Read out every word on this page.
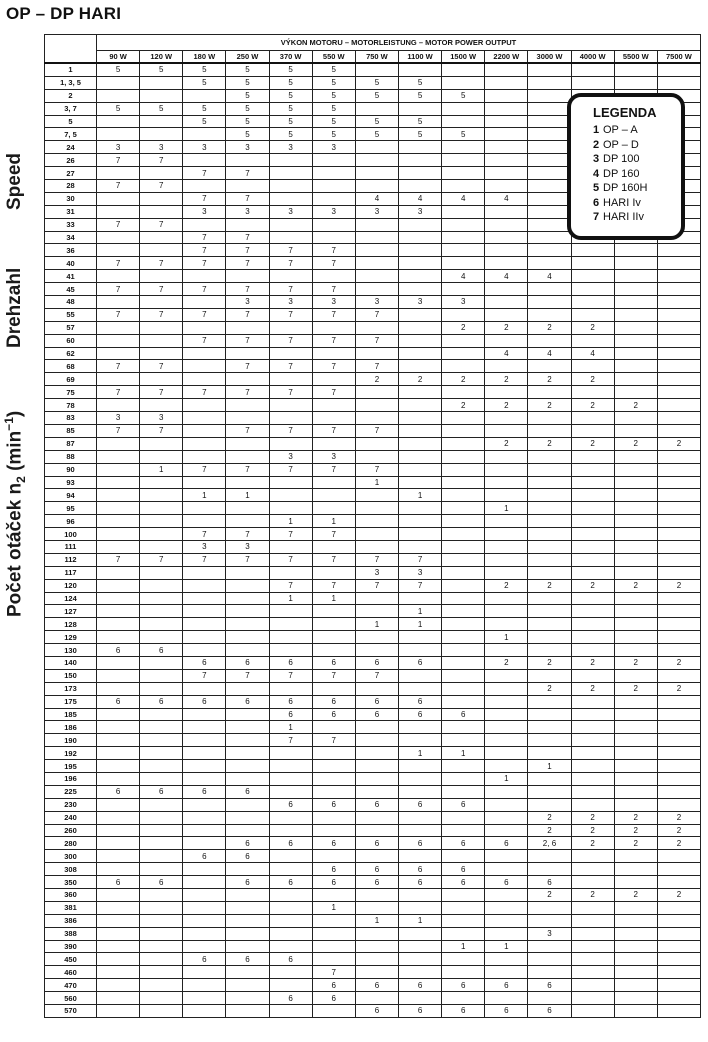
OP – DP HARI
Speed
Drehzahl
Počet otáček $n_2$ $(\min^{-1})$
	VÝKON MOTORU – MOTORLEISTUNG – MOTOR POWER OUTPUT													
	90 W	120 W	180 W	250 W	370 W	550 W	750 W	1100 W	1500 W	2200 W	3000 W	4000 W	5500 W	7500 W
1	5	5	5	5	5	5								
1, 3, 5			5	5	5	5	5	5						
2				5	5	5	5	5	5					
3, 7	5	5	5	5	5	5								
5			5	5	5	5	5	5						
7, 5				5	5	5	5	5	5					
24	3	3	3	3	3	3								
26	7	7												
27			7	7										
28	7	7												
30			7	7			4	4	4	4				
31			3	3	3	3	3	3						
33	7	7												
34			7	7										
36			7	7	7	7								
40	7	7	7	7	7	7								
41									4	4	4			
45	7	7	7	7	7	7								
48				3	3	3	3	3	3					
55	7	7	7	7	7	7	7							
57									2	2	2	2		
60			7	7	7	7	7							
62										4	4	4		
68	7	7		7	7	7	7							
69							2	2	2	2	2	2		
75	7	7	7	7	7	7								
78									2	2	2	2	2	
83	3	3												
85	7	7		7	7	7	7							
87										2	2	2	2	2
88					3	3								
90		1	7	7	7	7	7							
93							1							
94			1	1				1						
95										1				
96					1	1								
100			7	7	7	7								
111			3	3										
112	7	7	7	7	7	7	7	7						
117							3	3						
120					7	7	7	7		2	2	2	2	2
124					1	1								
127								1						
128							1	1						
129										1				
130	6	6												
140			6	6	6	6	6	6		2	2	2	2	2
150			7	7	7	7	7							
173											2	2	2	2
175	6	6	6	6	6	6	6	6						
185					6	6	6	6	6					
186					1									
190					7	7								
192								1	1					
195											1			
196										1				
225	6	6	6	6										
230					6	6	6	6	6					
240											2	2	2	2
260											2	2	2	2
280				6	6	6	6	6	6	6	2, 6	2	2	2
300			6	6										
308						6	6	6	6					
350	6	6		6	6	6	6	6	6	6	6			
360											2	2	2	2
381						1								
386							1	1						
388											3			
390									1	1				
450			6	6	6									
460						7								
470						6	6	6	6	6	6			
560					6	6								
570							6	6	6	6	6			
LEGENDA
1 OP – A
2 OP – D
3 DP 100
4 DP 160
5 DP 160H
6 HARI Iv
7 HARI IIv
